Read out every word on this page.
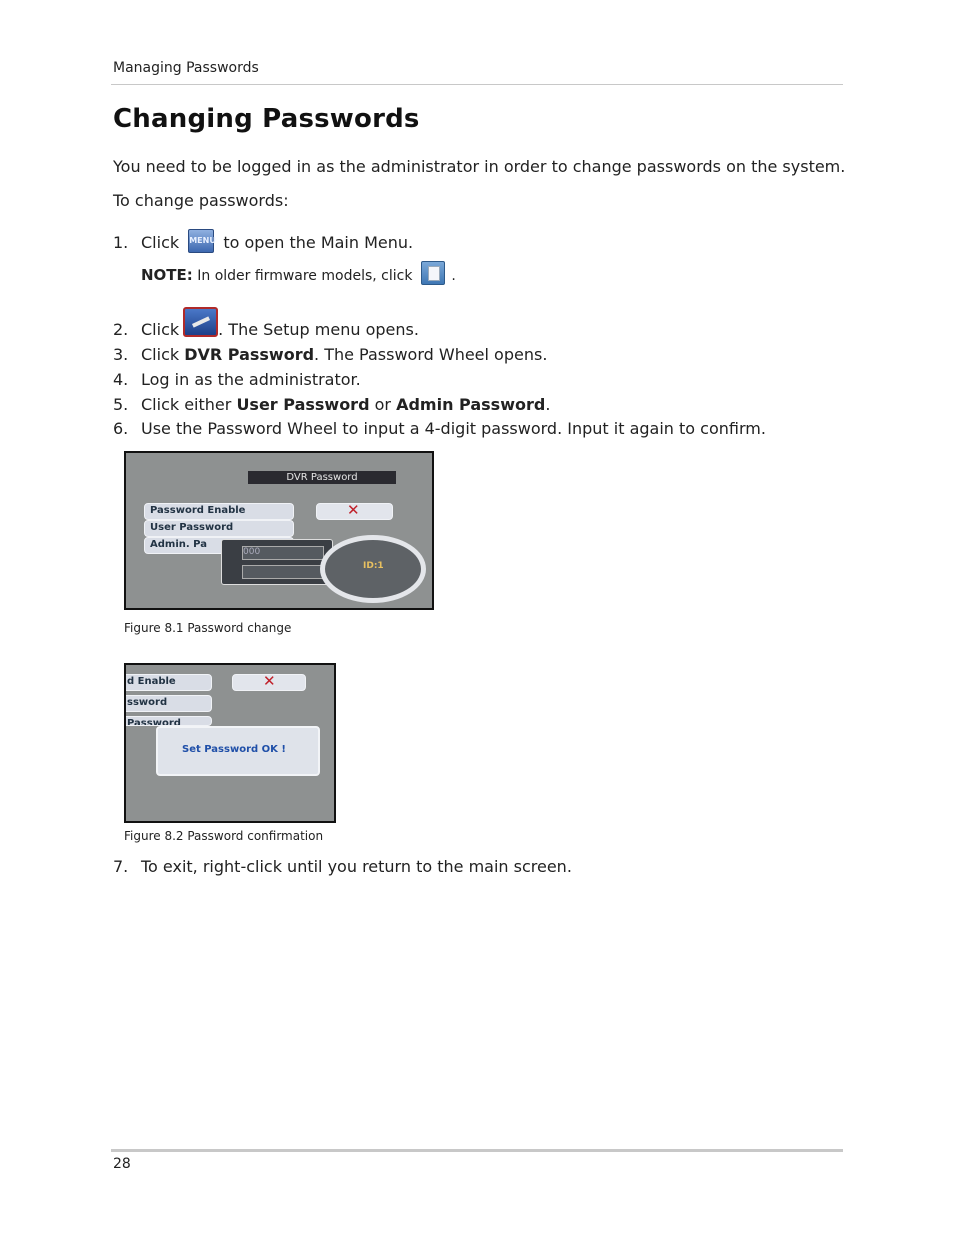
Managing Passwords
Changing Passwords

You need to be logged in as the administrator in order to change passwords on the system.

To change passwords:

1. Click MENU to open the Main Menu.
NOTE: In older firmware models, click	.
2. Click . The Setup menu opens.
3. Click DVR Password. The Password Wheel opens.
4. Log in as the administrator.
5. Click either User Password or Admin Password.
6. Use the Password Wheel to input a 4-digit password. Input it again to confirm.
DVR Password
Password Enable
User Password
Admin. Pa
✕
000
ID:1
Figure 8.1 Password change
d Enable
ssword
Password
✕
Set Password OK !
Figure 8.2 Password confirmation
7. To exit, right-click until you return to the main screen.
28
